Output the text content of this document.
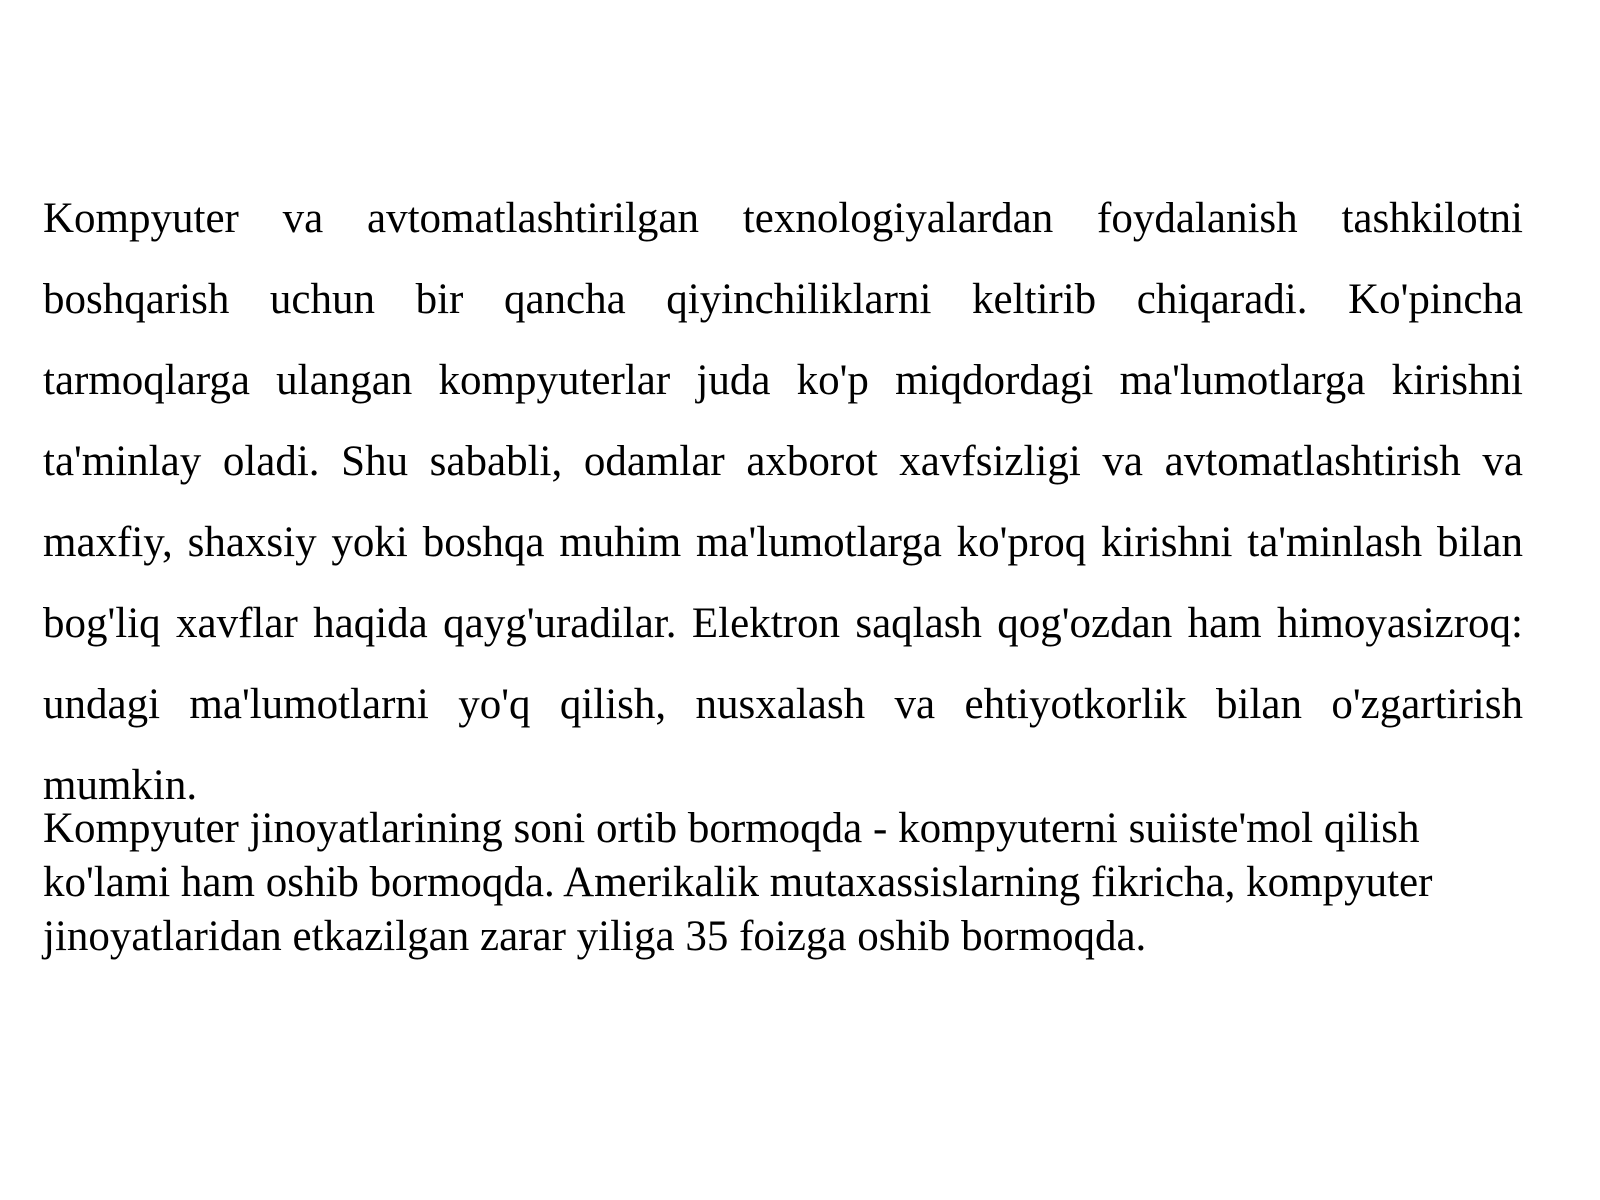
Kompyuter va avtomatlashtirilgan texnologiyalardan foydalanish tashkilotni boshqarish uchun bir qancha qiyinchiliklarni keltirib chiqaradi. Ko'pincha tarmoqlarga ulangan kompyuterlar juda ko'p miqdordagi ma'lumotlarga kirishni ta'minlay oladi. Shu sababli, odamlar axborot xavfsizligi va avtomatlashtirish va maxfiy, shaxsiy yoki boshqa muhim ma'lumotlarga ko'proq kirishni ta'minlash bilan bog'liq xavflar haqida qayg'uradilar. Elektron saqlash qog'ozdan ham himoyasizroq: undagi ma'lumotlarni yo'q qilish, nusxalash va ehtiyotkorlik bilan o'zgartirish mumkin.

Kompyuter jinoyatlarining soni ortib bormoqda - kompyuterni suiiste'mol qilish ko'lami ham oshib bormoqda. Amerikalik mutaxassislarning fikricha, kompyuter jinoyatlaridan etkazilgan zarar yiliga 35 foizga oshib bormoqda.
